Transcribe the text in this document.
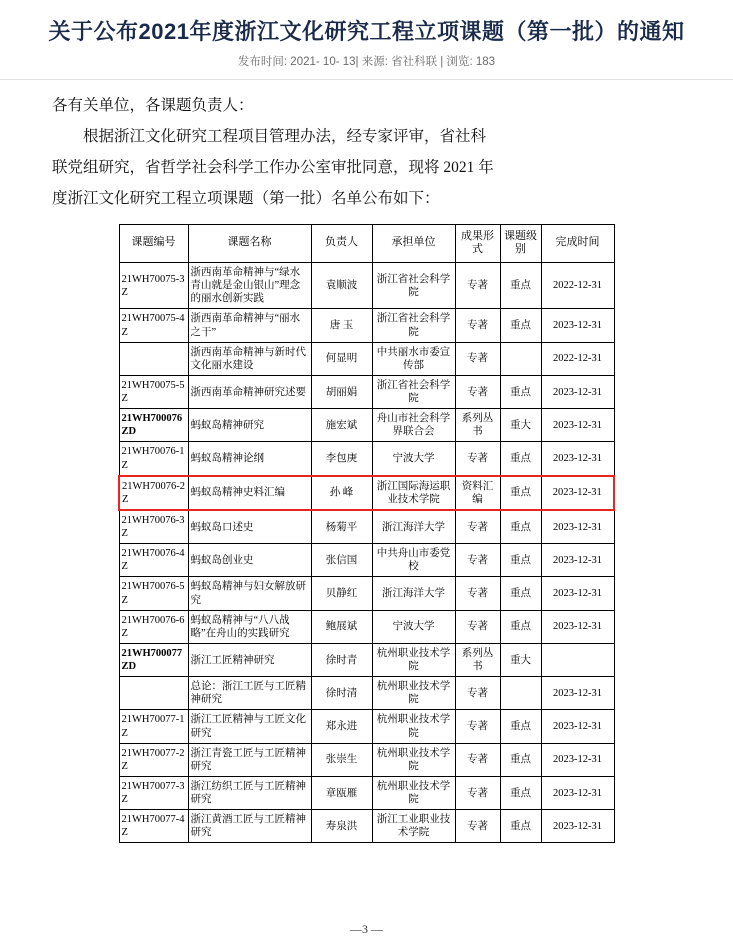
关于公布2021年度浙江文化研究工程立项课题（第一批）的通知
发布时间: 2021- 10- 13| 来源: 省社科联 | 浏览: 183

各有关单位，各课题负责人：

根据浙江文化研究工程项目管理办法，经专家评审，省社科

联党组研究，省哲学社会科学工作办公室审批同意，现将 2021 年

度浙江文化研究工程立项课题（第一批）名单公布如下：

课题编号	课题名称	负责人	承担单位	成果形式	课题级别	完成时间
21WH70075-3Z	浙西南革命精神与“绿水青山就是金山银山”理念的丽水创新实践	袁顺波	浙江省社会科学院	专著	重点	2022-12-31
21WH70075-4Z	浙西南革命精神与“丽水之干”	唐 玉	浙江省社会科学院	专著	重点	2023-12-31
	浙西南革命精神与新时代文化丽水建设	何显明	中共丽水市委宣传部	专著		2022-12-31
21WH70075-5Z	浙西南革命精神研究述要	胡丽娟	浙江省社会科学院	专著	重点	2023-12-31
21WH700076ZD	蚂蚁岛精神研究	施宏斌	舟山市社会科学界联合会	系列丛书	重大	2023-12-31
21WH70076-1Z	蚂蚁岛精神论纲	李包庚	宁波大学	专著	重点	2023-12-31
21WH70076-2Z	蚂蚁岛精神史料汇编	孙 峰	浙江国际海运职业技术学院	资料汇编	重点	2023-12-31
21WH70076-3Z	蚂蚁岛口述史	杨菊平	浙江海洋大学	专著	重点	2023-12-31
21WH70076-4Z	蚂蚁岛创业史	张信国	中共舟山市委党校	专著	重点	2023-12-31
21WH70076-5Z	蚂蚁岛精神与妇女解放研究	贝静红	浙江海洋大学	专著	重点	2023-12-31
21WH70076-6Z	蚂蚁岛精神与“八八战略”在舟山的实践研究	鲍展斌	宁波大学	专著	重点	2023-12-31
21WH700077ZD	浙江工匠精神研究	徐时青	杭州职业技术学院	系列丛书	重大	
	总论：浙江工匠与工匠精神研究	徐时清	杭州职业技术学院	专著		2023-12-31
21WH70077-1Z	浙江工匠精神与工匠文化研究	郑永进	杭州职业技术学院	专著	重点	2023-12-31
21WH70077-2Z	浙江青瓷工匠与工匠精神研究	张崇生	杭州职业技术学院	专著	重点	2023-12-31
21WH70077-3Z	浙江纺织工匠与工匠精神研究	章瓯雁	杭州职业技术学院	专著	重点	2023-12-31
21WH70077-4Z	浙江黄酒工匠与工匠精神研究	寿泉洪	浙江工业职业技术学院	专著	重点	2023-12-31
—3 —
